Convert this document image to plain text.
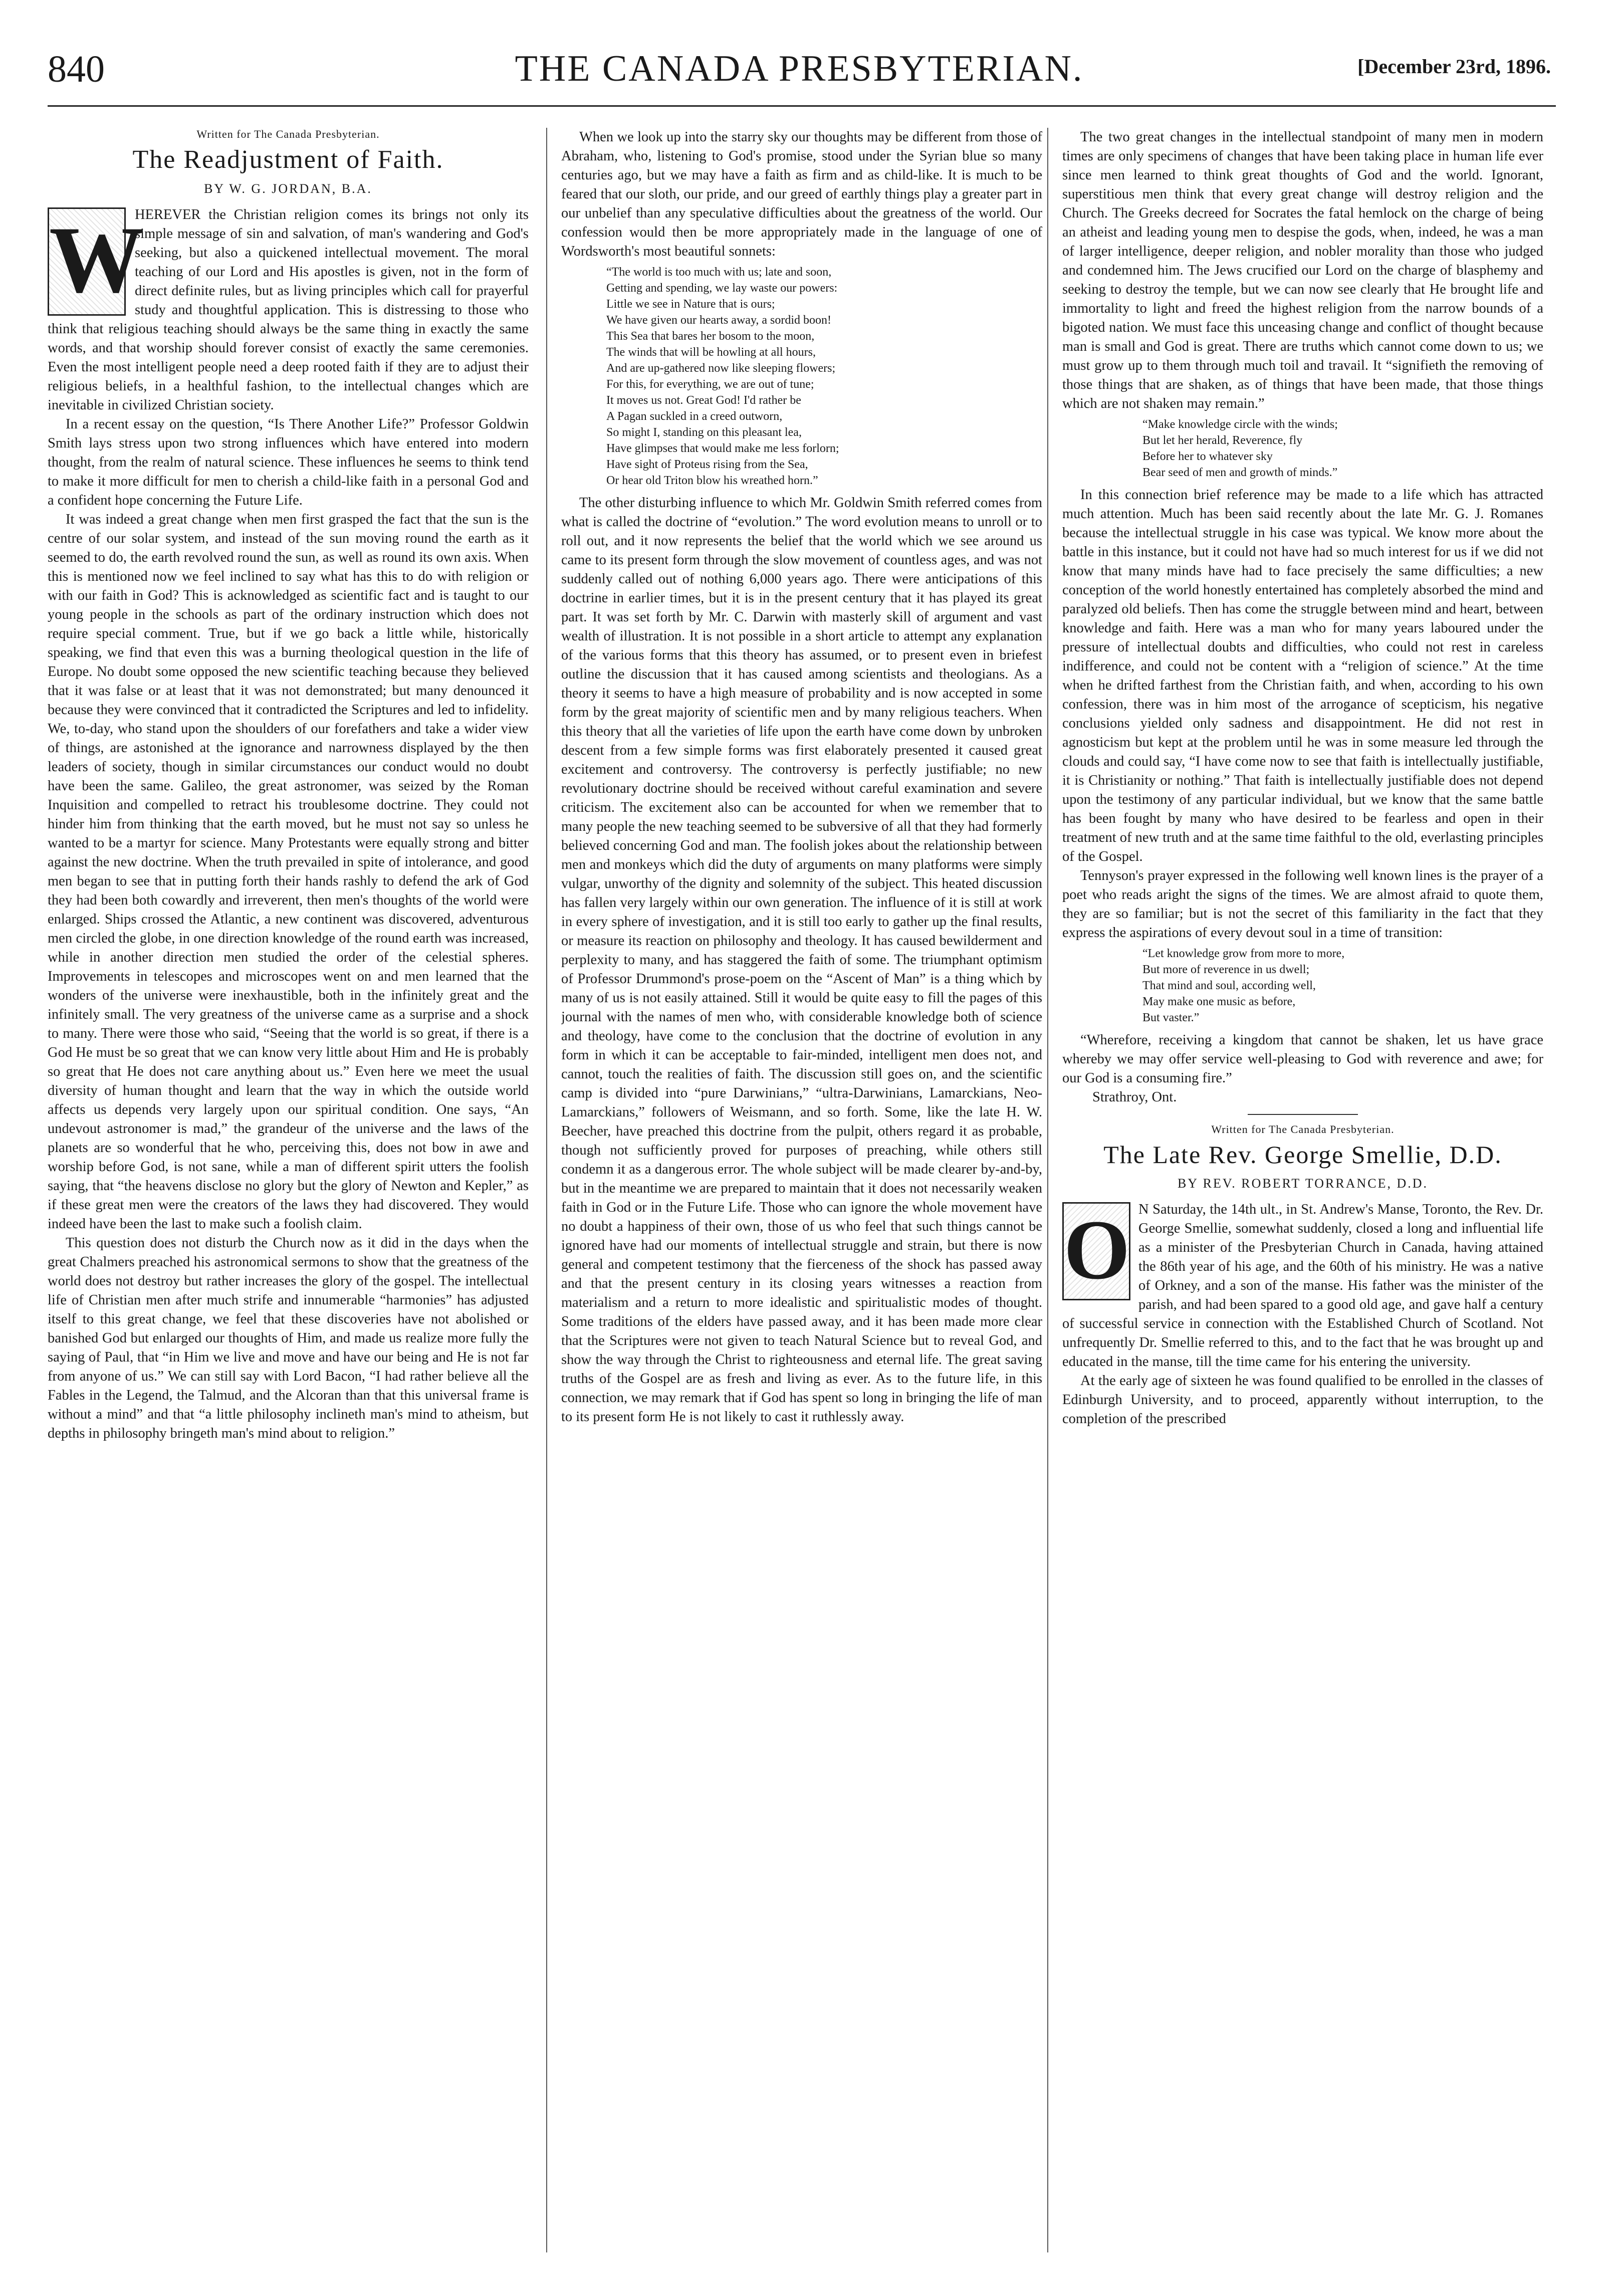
840	THE CANADA PRESBYTERIAN.	[December 23rd, 1896.
Written for The Canada Presbyterian.
The Readjustment of Faith.
BY W. G. JORDAN, B.A.
W

HEREVER the Christian religion comes its brings not only its simple message of sin and salvation, of man's wandering and God's seeking, but also a quickened intellectual movement. The moral teaching of our Lord and His apostles is given, not in the form of direct definite rules, but as living principles which call for prayerful study and thoughtful application. This is distressing to those who think that religious teaching should always be the same thing in exactly the same words, and that worship should forever consist of exactly the same ceremonies. Even the most intelligent people need a deep rooted faith if they are to adjust their religious beliefs, in a healthful fashion, to the intellectual changes which are inevitable in civilized Christian society.

In a recent essay on the question, “Is There Another Life?” Professor Goldwin Smith lays stress upon two strong influences which have entered into modern thought, from the realm of natural science. These influences he seems to think tend to make it more difficult for men to cherish a child-like faith in a personal God and a confident hope concerning the Future Life.

It was indeed a great change when men first grasped the fact that the sun is the centre of our solar system, and instead of the sun moving round the earth as it seemed to do, the earth revolved round the sun, as well as round its own axis. When this is mentioned now we feel inclined to say what has this to do with religion or with our faith in God? This is acknowledged as scientific fact and is taught to our young people in the schools as part of the ordinary instruction which does not require special comment. True, but if we go back a little while, historically speaking, we find that even this was a burning theological question in the life of Europe. No doubt some opposed the new scientific teaching because they believed that it was false or at least that it was not demonstrated; but many denounced it because they were convinced that it contradicted the Scriptures and led to infidelity. We, to-day, who stand upon the shoulders of our forefathers and take a wider view of things, are astonished at the ignorance and narrowness displayed by the then leaders of society, though in similar circumstances our conduct would no doubt have been the same. Galileo, the great astronomer, was seized by the Roman Inquisition and compelled to retract his troublesome doctrine. They could not hinder him from thinking that the earth moved, but he must not say so unless he wanted to be a martyr for science. Many Protestants were equally strong and bitter against the new doctrine. When the truth prevailed in spite of intolerance, and good men began to see that in putting forth their hands rashly to defend the ark of God they had been both cowardly and irreverent, then men's thoughts of the world were enlarged. Ships crossed the Atlantic, a new continent was discovered, adventurous men circled the globe, in one direction knowledge of the round earth was increased, while in another direction men studied the order of the celestial spheres. Improvements in telescopes and microscopes went on and men learned that the wonders of the universe were inexhaustible, both in the infinitely great and the infinitely small. The very greatness of the universe came as a surprise and a shock to many. There were those who said, “Seeing that the world is so great, if there is a God He must be so great that we can know very little about Him and He is probably so great that He does not care anything about us.” Even here we meet the usual diversity of human thought and learn that the way in which the outside world affects us depends very largely upon our spiritual condition. One says, “An undevout astronomer is mad,” the grandeur of the universe and the laws of the planets are so wonderful that he who, perceiving this, does not bow in awe and worship before God, is not sane, while a man of different spirit utters the foolish saying, that “the heavens disclose no glory but the glory of Newton and Kepler,” as if these great men were the creators of the laws they had discovered. They would indeed have been the last to make such a foolish claim.

This question does not disturb the Church now as it did in the days when the great Chalmers preached his astronomical sermons to show that the greatness of the world does not destroy but rather increases the glory of the gospel. The intellectual life of Christian men after much strife and innumerable “harmonies” has adjusted itself to this great change, we feel that these discoveries have not abolished or banished God but enlarged our thoughts of Him, and made us realize more fully the saying of Paul, that “in Him we live and move and have our being and He is not far from anyone of us.” We can still say with Lord Bacon, “I had rather believe all the Fables in the Legend, the Talmud, and the Alcoran than that this universal frame is without a mind” and that “a little philosophy inclineth man's mind to atheism, but depths in philosophy bringeth man's mind about to religion.”

When we look up into the starry sky our thoughts may be different from those of Abraham, who, listening to God's promise, stood under the Syrian blue so many centuries ago, but we may have a faith as firm and as child-like. It is much to be feared that our sloth, our pride, and our greed of earthly things play a greater part in our unbelief than any speculative difficulties about the greatness of the world. Our confession would then be more appropriately made in the language of one of Wordsworth's most beautiful sonnets:

“The world is too much with us; late and soon,
Getting and spending, we lay waste our powers:
Little we see in Nature that is ours;
We have given our hearts away, a sordid boon!
This Sea that bares her bosom to the moon,
The winds that will be howling at all hours,
And are up-gathered now like sleeping flowers;
For this, for everything, we are out of tune;
It moves us not. Great God! I'd rather be
A Pagan suckled in a creed outworn,
So might I, standing on this pleasant lea,
Have glimpses that would make me less forlorn;
Have sight of Proteus rising from the Sea,
Or hear old Triton blow his wreathed horn.”

The other disturbing influence to which Mr. Goldwin Smith referred comes from what is called the doctrine of “evolution.” The word evolution means to unroll or to roll out, and it now represents the belief that the world which we see around us came to its present form through the slow movement of countless ages, and was not suddenly called out of nothing 6,000 years ago. There were anticipations of this doctrine in earlier times, but it is in the present century that it has played its great part. It was set forth by Mr. C. Darwin with masterly skill of argument and vast wealth of illustration. It is not possible in a short article to attempt any explanation of the various forms that this theory has assumed, or to present even in briefest outline the discussion that it has caused among scientists and theologians. As a theory it seems to have a high measure of probability and is now accepted in some form by the great majority of scientific men and by many religious teachers. When this theory that all the varieties of life upon the earth have come down by unbroken descent from a few simple forms was first elaborately presented it caused great excitement and controversy. The controversy is perfectly justifiable; no new revolutionary doctrine should be received without careful examination and severe criticism. The excitement also can be accounted for when we remember that to many people the new teaching seemed to be subversive of all that they had formerly believed concerning God and man. The foolish jokes about the relationship between men and monkeys which did the duty of arguments on many platforms were simply vulgar, unworthy of the dignity and solemnity of the subject. This heated discussion has fallen very largely within our own generation. The influence of it is still at work in every sphere of investigation, and it is still too early to gather up the final results, or measure its reaction on philosophy and theology. It has caused bewilderment and perplexity to many, and has staggered the faith of some. The triumphant optimism of Professor Drummond's prose-poem on the “Ascent of Man” is a thing which by many of us is not easily attained. Still it would be quite easy to fill the pages of this journal with the names of men who, with considerable knowledge both of science and theology, have come to the conclusion that the doctrine of evolution in any form in which it can be acceptable to fair-minded, intelligent men does not, and cannot, touch the realities of faith. The discussion still goes on, and the scientific camp is divided into “pure Darwinians,” “ultra-Darwinians, Lamarckians, Neo-Lamarckians,” followers of Weismann, and so forth. Some, like the late H. W. Beecher, have preached this doctrine from the pulpit, others regard it as probable, though not sufficiently proved for purposes of preaching, while others still condemn it as a dangerous error. The whole subject will be made clearer by-and-by, but in the meantime we are prepared to maintain that it does not necessarily weaken faith in God or in the Future Life. Those who can ignore the whole movement have no doubt a happiness of their own, those of us who feel that such things cannot be ignored have had our moments of intellectual struggle and strain, but there is now general and competent testimony that the fierceness of the shock has passed away and that the present century in its closing years witnesses a reaction from materialism and a return to more idealistic and spiritualistic modes of thought. Some traditions of the elders have passed away, and it has been made more clear that the Scriptures were not given to teach Natural Science but to reveal God, and show the way through the Christ to righteousness and eternal life. The great saving truths of the Gospel are as fresh and living as ever. As to the future life, in this connection, we may remark that if God has spent so long in bringing the life of man to its present form He is not likely to cast it ruthlessly away.

The two great changes in the intellectual standpoint of many men in modern times are only specimens of changes that have been taking place in human life ever since men learned to think great thoughts of God and the world. Ignorant, superstitious men think that every great change will destroy religion and the Church. The Greeks decreed for Socrates the fatal hemlock on the charge of being an atheist and leading young men to despise the gods, when, indeed, he was a man of larger intelligence, deeper religion, and nobler morality than those who judged and condemned him. The Jews crucified our Lord on the charge of blasphemy and seeking to destroy the temple, but we can now see clearly that He brought life and immortality to light and freed the highest religion from the narrow bounds of a bigoted nation. We must face this unceasing change and conflict of thought because man is small and God is great. There are truths which cannot come down to us; we must grow up to them through much toil and travail. It “signifieth the removing of those things that are shaken, as of things that have been made, that those things which are not shaken may remain.”

“Make knowledge circle with the winds;
But let her herald, Reverence, fly
Before her to whatever sky
Bear seed of men and growth of minds.”

In this connection brief reference may be made to a life which has attracted much attention. Much has been said recently about the late Mr. G. J. Romanes because the intellectual struggle in his case was typical. We know more about the battle in this instance, but it could not have had so much interest for us if we did not know that many minds have had to face precisely the same difficulties; a new conception of the world honestly entertained has completely absorbed the mind and paralyzed old beliefs. Then has come the struggle between mind and heart, between knowledge and faith. Here was a man who for many years laboured under the pressure of intellectual doubts and difficulties, who could not rest in careless indifference, and could not be content with a “religion of science.” At the time when he drifted farthest from the Christian faith, and when, according to his own confession, there was in him most of the arrogance of scepticism, his negative conclusions yielded only sadness and disappointment. He did not rest in agnosticism but kept at the problem until he was in some measure led through the clouds and could say, “I have come now to see that faith is intellectually justifiable, it is Christianity or nothing.” That faith is intellectually justifiable does not depend upon the testimony of any particular individual, but we know that the same battle has been fought by many who have desired to be fearless and open in their treatment of new truth and at the same time faithful to the old, everlasting principles of the Gospel.

Tennyson's prayer expressed in the following well known lines is the prayer of a poet who reads aright the signs of the times. We are almost afraid to quote them, they are so familiar; but is not the secret of this familiarity in the fact that they express the aspirations of every devout soul in a time of transition:

“Let knowledge grow from more to more,
But more of reverence in us dwell;
That mind and soul, according well,
May make one music as before,
But vaster.”

“Wherefore, receiving a kingdom that cannot be shaken, let us have grace whereby we may offer service well-pleasing to God with reverence and awe; for our God is a consuming fire.”

Strathroy, Ont.
Written for The Canada Presbyterian.
The Late Rev. George Smellie, D.D.
BY REV. ROBERT TORRANCE, D.D.
O N Saturday, the 14th ult., in St. Andrew's Manse, Toronto, the Rev. Dr. George Smellie, somewhat suddenly, closed a long and influential life as a minister of the Presbyterian Church in Canada, having attained the 86th year of his age, and the 60th of his ministry. He was a native of Orkney, and a son of the manse. His father was the minister of the parish, and had been spared to a good old age, and gave half a century of successful service in connection with the Established Church of Scotland. Not unfrequently Dr. Smellie referred to this, and to the fact that he was brought up and educated in the manse, till the time came for his entering the university.

At the early age of sixteen he was found qualified to be enrolled in the classes of Edinburgh University, and to proceed, apparently without interruption, to the completion of the prescribed
